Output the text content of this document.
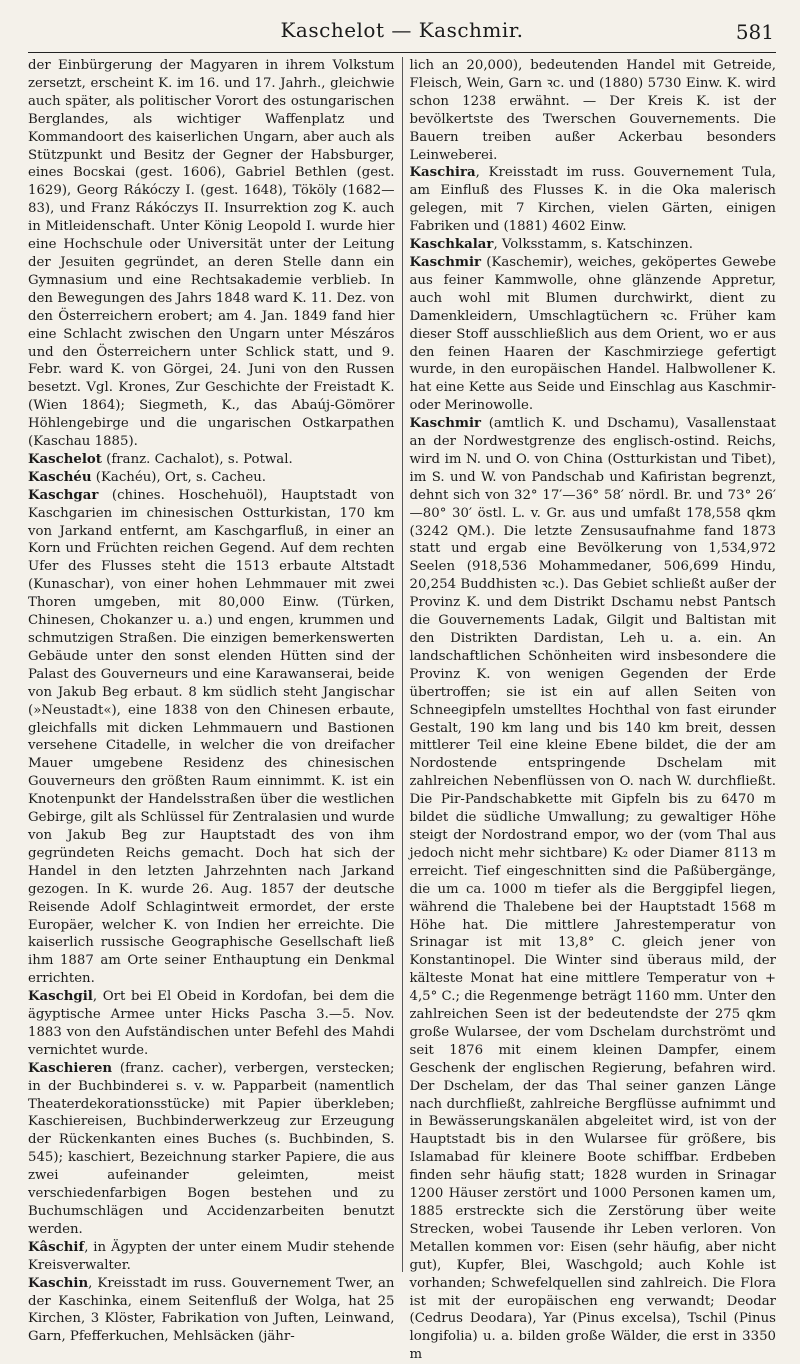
Kaschelot — Kaschmir.	581

der Einbürgerung der Magyaren in ihrem Volkstum zersetzt, erscheint K. im 16. und 17. Jahrh., gleichwie auch später, als politischer Vorort des ostungarischen Berglandes, als wichtiger Waffenplatz und Kommandoort des kaiserlichen Ungarn, aber auch als Stützpunkt und Besitz der Gegner der Habsburger, eines Bocskai (gest. 1606), Gabriel Bethlen (gest. 1629), Georg Rákóczy I. (gest. 1648), Tököly (1682—83), und Franz Rákóczys II. Insurrektion zog K. auch in Mitleidenschaft. Unter König Leopold I. wurde hier eine Hochschule oder Universität unter der Leitung der Jesuiten gegründet, an deren Stelle dann ein Gymnasium und eine Rechtsakademie verblieb. In den Bewegungen des Jahrs 1848 ward K. 11. Dez. von den Österreichern erobert; am 4. Jan. 1849 fand hier eine Schlacht zwischen den Ungarn unter Mészáros und den Österreichern unter Schlick statt, und 9. Febr. ward K. von Görgei, 24. Juni von den Russen besetzt. Vgl. Krones, Zur Geschichte der Freistadt K. (Wien 1864); Siegmeth, K., das Abaúj-Gömörer Höhlengebirge und die ungarischen Ostkarpathen (Kaschau 1885).

Kaschelot (franz. Cachalot), s. Potwal.

Kaschéu (Kachéu), Ort, s. Cacheu.

Kaschgar (chines. Hoschehuöl), Hauptstadt von Kaschgarien im chinesischen Ostturkistan, 170 km von Jarkand entfernt, am Kaschgarfluß, in einer an Korn und Früchten reichen Gegend. Auf dem rechten Ufer des Flusses steht die 1513 erbaute Altstadt (Kunaschar), von einer hohen Lehmmauer mit zwei Thoren umgeben, mit 80,000 Einw. (Türken, Chinesen, Chokanzer u. a.) und engen, krummen und schmutzigen Straßen. Die einzigen bemerkenswerten Gebäude unter den sonst elenden Hütten sind der Palast des Gouverneurs und eine Karawanserai, beide von Jakub Beg erbaut. 8 km südlich steht Jangischar (»Neustadt«), eine 1838 von den Chinesen erbaute, gleichfalls mit dicken Lehmmauern und Bastionen versehene Citadelle, in welcher die von dreifacher Mauer umgebene Residenz des chinesischen Gouverneurs den größten Raum einnimmt. K. ist ein Knotenpunkt der Handelsstraßen über die westlichen Gebirge, gilt als Schlüssel für Zentralasien und wurde von Jakub Beg zur Hauptstadt des von ihm gegründeten Reichs gemacht. Doch hat sich der Handel in den letzten Jahrzehnten nach Jarkand gezogen. In K. wurde 26. Aug. 1857 der deutsche Reisende Adolf Schlagintweit ermordet, der erste Europäer, welcher K. von Indien her erreichte. Die kaiserlich russische Geographische Gesellschaft ließ ihm 1887 am Orte seiner Enthauptung ein Denkmal errichten.

Kaschgil, Ort bei El Obeid in Kordofan, bei dem die ägyptische Armee unter Hicks Pascha 3.—5. Nov. 1883 von den Aufständischen unter Befehl des Mahdi vernichtet wurde.

Kaschieren (franz. cacher), verbergen, verstecken; in der Buchbinderei s. v. w. Papparbeit (namentlich Theaterdekorationsstücke) mit Papier überkleben; Kaschiereisen, Buchbinderwerkzeug zur Erzeugung der Rückenkanten eines Buches (s. Buchbinden, S. 545); kaschiert, Bezeichnung starker Papiere, die aus zwei aufeinander geleimten, meist verschiedenfarbigen Bogen bestehen und zu Buchumschlägen und Accidenzarbeiten benutzt werden.

Kâschif, in Ägypten der unter einem Mudir stehende Kreisverwalter.

Kaschin, Kreisstadt im russ. Gouvernement Twer, an der Kaschinka, einem Seitenfluß der Wolga, hat 25 Kirchen, 3 Klöster, Fabrikation von Juften, Leinwand, Garn, Pfefferkuchen, Mehlsäcken (jähr-

lich an 20,000), bedeutenden Handel mit Getreide, Fleisch, Wein, Garn ꝛc. und (1880) 5730 Einw. K. wird schon 1238 erwähnt. — Der Kreis K. ist der bevölkertste des Twerschen Gouvernements. Die Bauern treiben außer Ackerbau besonders Leinweberei.

Kaschira, Kreisstadt im russ. Gouvernement Tula, am Einfluß des Flusses K. in die Oka malerisch gelegen, mit 7 Kirchen, vielen Gärten, einigen Fabriken und (1881) 4602 Einw.

Kaschkalar, Volksstamm, s. Katschinzen.

Kaschmir (Kaschemir), weiches, geköpertes Gewebe aus feiner Kammwolle, ohne glänzende Appretur, auch wohl mit Blumen durchwirkt, dient zu Damenkleidern, Umschlagtüchern ꝛc. Früher kam dieser Stoff ausschließlich aus dem Orient, wo er aus den feinen Haaren der Kaschmirziege gefertigt wurde, in den europäischen Handel. Halbwollener K. hat eine Kette aus Seide und Einschlag aus Kaschmir- oder Merinowolle.

Kaschmir (amtlich K. und Dschamu), Vasallenstaat an der Nordwestgrenze des englisch-ostind. Reichs, wird im N. und O. von China (Ostturkistan und Tibet), im S. und W. von Pandschab und Kafiristan begrenzt, dehnt sich von 32° 17′—36° 58′ nördl. Br. und 73° 26′—80° 30′ östl. L. v. Gr. aus und umfaßt 178,558 qkm (3242 QM.). Die letzte Zensusaufnahme fand 1873 statt und ergab eine Bevölkerung von 1,534,972 Seelen (918,536 Mohammedaner, 506,699 Hindu, 20,254 Buddhisten ꝛc.). Das Gebiet schließt außer der Provinz K. und dem Distrikt Dschamu nebst Pantsch die Gouvernements Ladak, Gilgit und Baltistan mit den Distrikten Dardistan, Leh u. a. ein. An landschaftlichen Schönheiten wird insbesondere die Provinz K. von wenigen Gegenden der Erde übertroffen; sie ist ein auf allen Seiten von Schneegipfeln umstelltes Hochthal von fast eirunder Gestalt, 190 km lang und bis 140 km breit, dessen mittlerer Teil eine kleine Ebene bildet, die der am Nordostende entspringende Dschelam mit zahlreichen Nebenflüssen von O. nach W. durchfließt. Die Pir-Pandschabkette mit Gipfeln bis zu 6470 m bildet die südliche Umwallung; zu gewaltiger Höhe steigt der Nordostrand empor, wo der (vom Thal aus jedoch nicht mehr sichtbare) K₂ oder Diamer 8113 m erreicht. Tief eingeschnitten sind die Paßübergänge, die um ca. 1000 m tiefer als die Berggipfel liegen, während die Thalebene bei der Hauptstadt 1568 m Höhe hat. Die mittlere Jahrestemperatur von Srinagar ist mit 13,8° C. gleich jener von Konstantinopel. Die Winter sind überaus mild, der kälteste Monat hat eine mittlere Temperatur von + 4,5° C.; die Regenmenge beträgt 1160 mm. Unter den zahlreichen Seen ist der bedeutendste der 275 qkm große Wularsee, der vom Dschelam durchströmt und seit 1876 mit einem kleinen Dampfer, einem Geschenk der englischen Regierung, befahren wird. Der Dschelam, der das Thal seiner ganzen Länge nach durchfließt, zahlreiche Bergflüsse aufnimmt und in Bewässerungskanälen abgeleitet wird, ist von der Hauptstadt bis in den Wularsee für größere, bis Islamabad für kleinere Boote schiffbar. Erdbeben finden sehr häufig statt; 1828 wurden in Srinagar 1200 Häuser zerstört und 1000 Personen kamen um, 1885 erstreckte sich die Zerstörung über weite Strecken, wobei Tausende ihr Leben verloren. Von Metallen kommen vor: Eisen (sehr häufig, aber nicht gut), Kupfer, Blei, Waschgold; auch Kohle ist vorhanden; Schwefelquellen sind zahlreich. Die Flora ist mit der europäischen eng verwandt; Deodar (Cedrus Deodara), Yar (Pinus excelsa), Tschil (Pinus longifolia) u. a. bilden große Wälder, die erst in 3350 m
